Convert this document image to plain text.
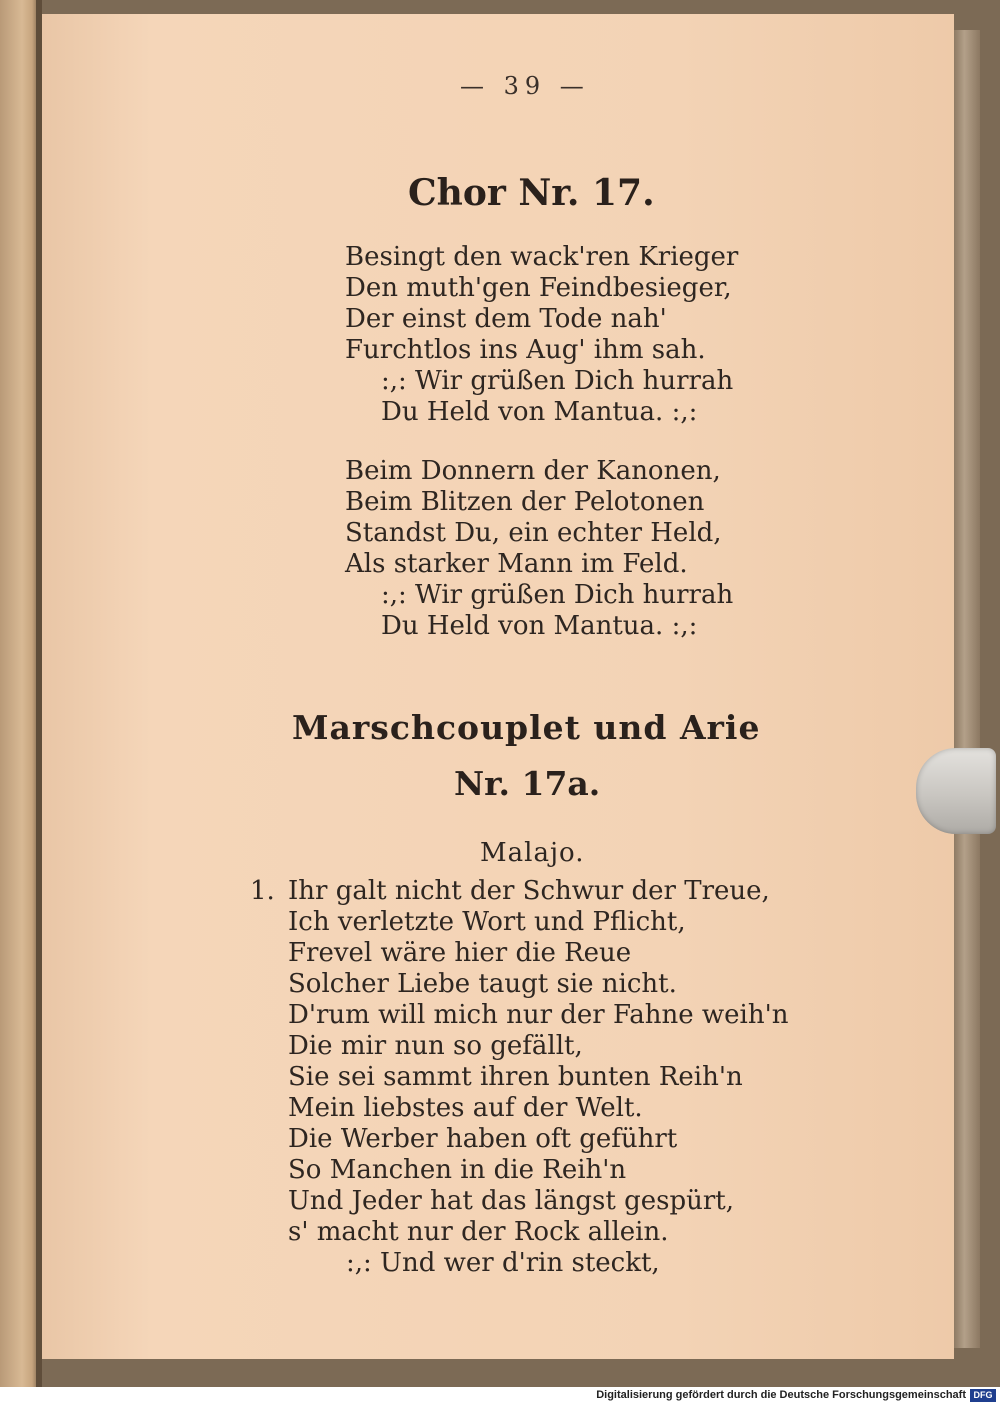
— 39 —
Chor Nr. 17.
Besingt den wack'ren Krieger
Den muth'gen Feindbesieger,
Der einst dem Tode nah'
Furchtlos ins Aug' ihm sah.
:,: Wir grüßen Dich hurrah
Du Held von Mantua. :,:
Beim Donnern der Kanonen,
Beim Blitzen der Pelotonen
Standst Du, ein echter Held,
Als starker Mann im Feld.
:,: Wir grüßen Dich hurrah
Du Held von Mantua. :,:
Marschcouplet und Arie
Nr. 17a.
Malajo.
1. Ihr galt nicht der Schwur der Treue,
Ich verletzte Wort und Pflicht,
Frevel wäre hier die Reue
Solcher Liebe taugt sie nicht.
D'rum will mich nur der Fahne weih'n
Die mir nun so gefällt,
Sie sei sammt ihren bunten Reih'n
Mein liebstes auf der Welt.
Die Werber haben oft geführt
So Manchen in die Reih'n
Und Jeder hat das längst gespürt,
s' macht nur der Rock allein.
:,: Und wer d'rin steckt,
Digitalisierung gefördert durch die Deutsche Forschungsgemeinschaft DFG
